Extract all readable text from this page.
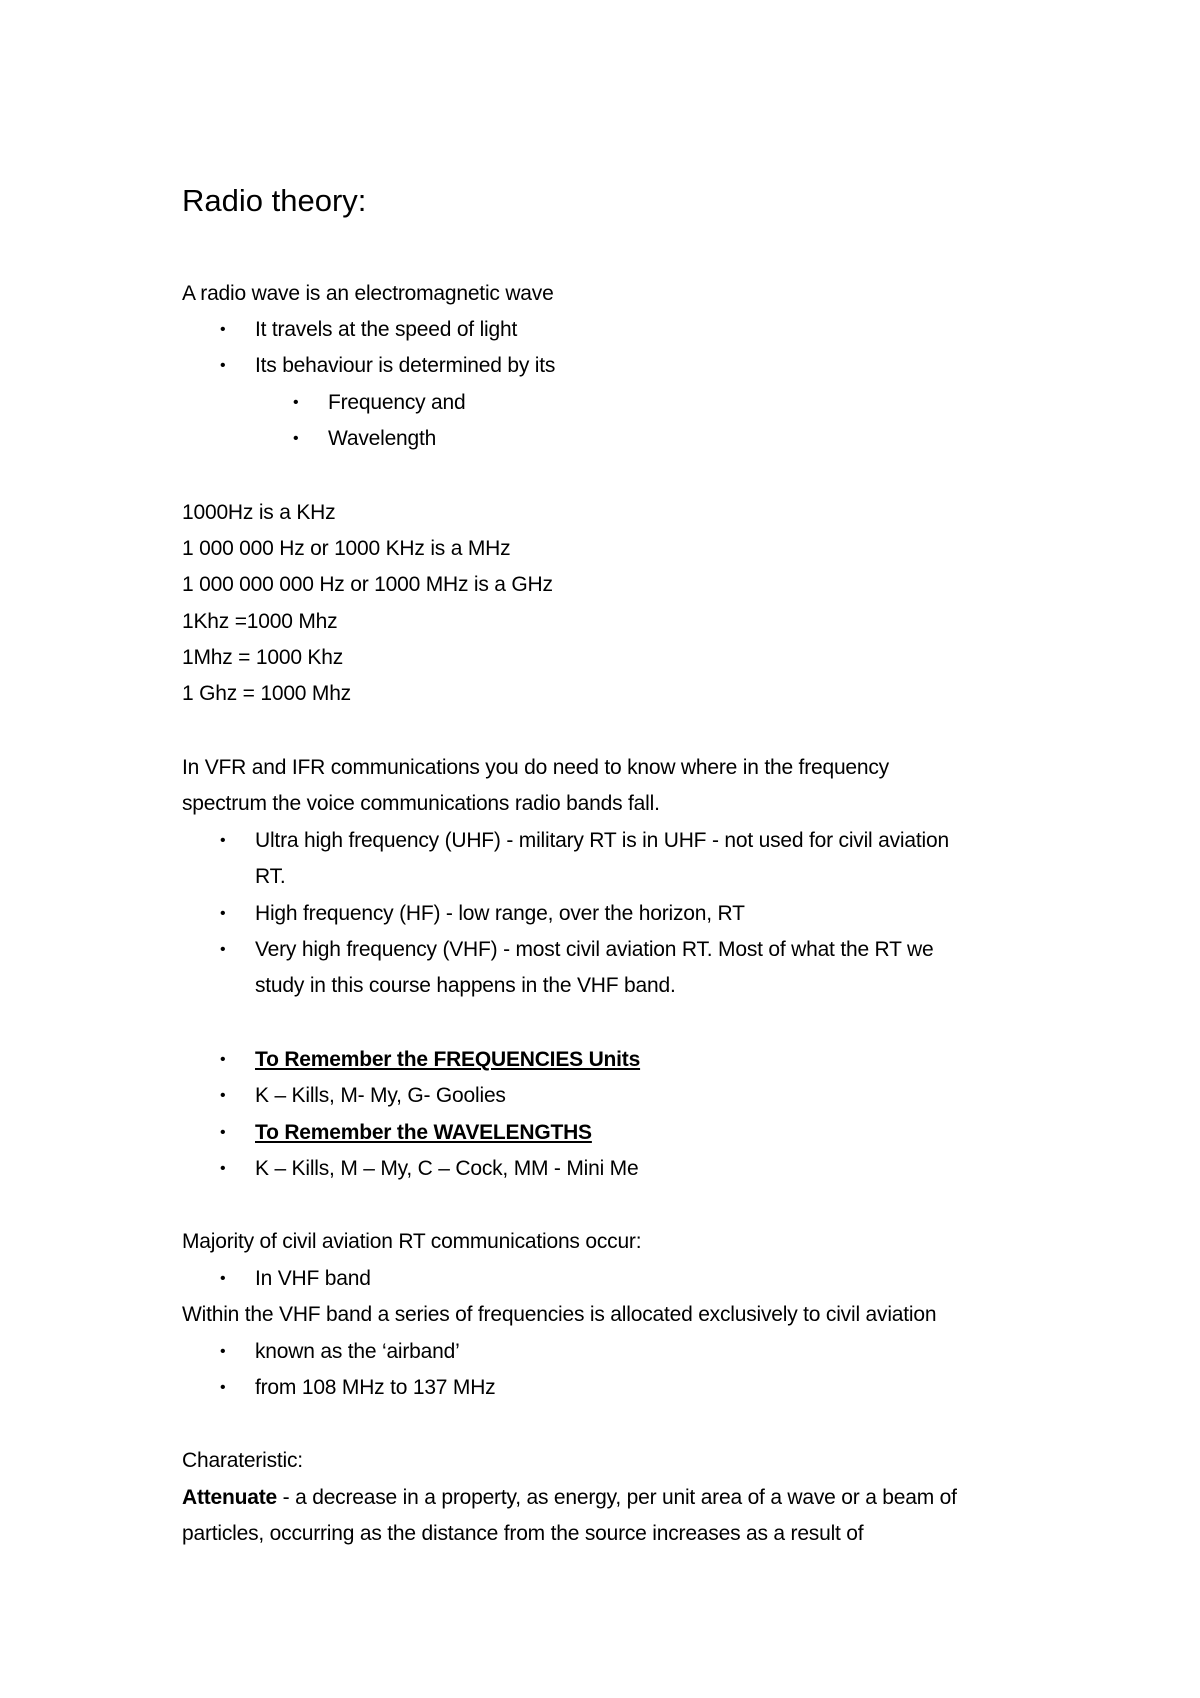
Radio theory:
A radio wave is an electromagnetic wave
• It travels at the speed of light
• Its behaviour is determined by its
• Frequency and
• Wavelength
1000Hz is a KHz
1 000 000 Hz or 1000 KHz is a MHz
1 000 000 000 Hz or 1000 MHz is a GHz
1Khz =1000 Mhz
1Mhz = 1000 Khz
1 Ghz = 1000 Mhz
In VFR and IFR communications you do need to know where in the frequency
spectrum the voice communications radio bands fall.
• Ultra high frequency (UHF) - military RT is in UHF - not used for civil aviation
RT.
• High frequency (HF) - low range, over the horizon, RT
• Very high frequency (VHF) - most civil aviation RT. Most of what the RT we
study in this course happens in the VHF band.
• To Remember the FREQUENCIES Units
• K – Kills, M- My, G- Goolies
• To Remember the WAVELENGTHS
• K – Kills, M – My, C – Cock, MM - Mini Me
Majority of civil aviation RT communications occur:
• In VHF band
Within the VHF band a series of frequencies is allocated exclusively to civil aviation
• known as the ‘airband’
• from 108 MHz to 137 MHz
Charateristic:
Attenuate - a decrease in a property, as energy, per unit area of a wave or a beam of
particles, occurring as the distance from the source increases as a result of
